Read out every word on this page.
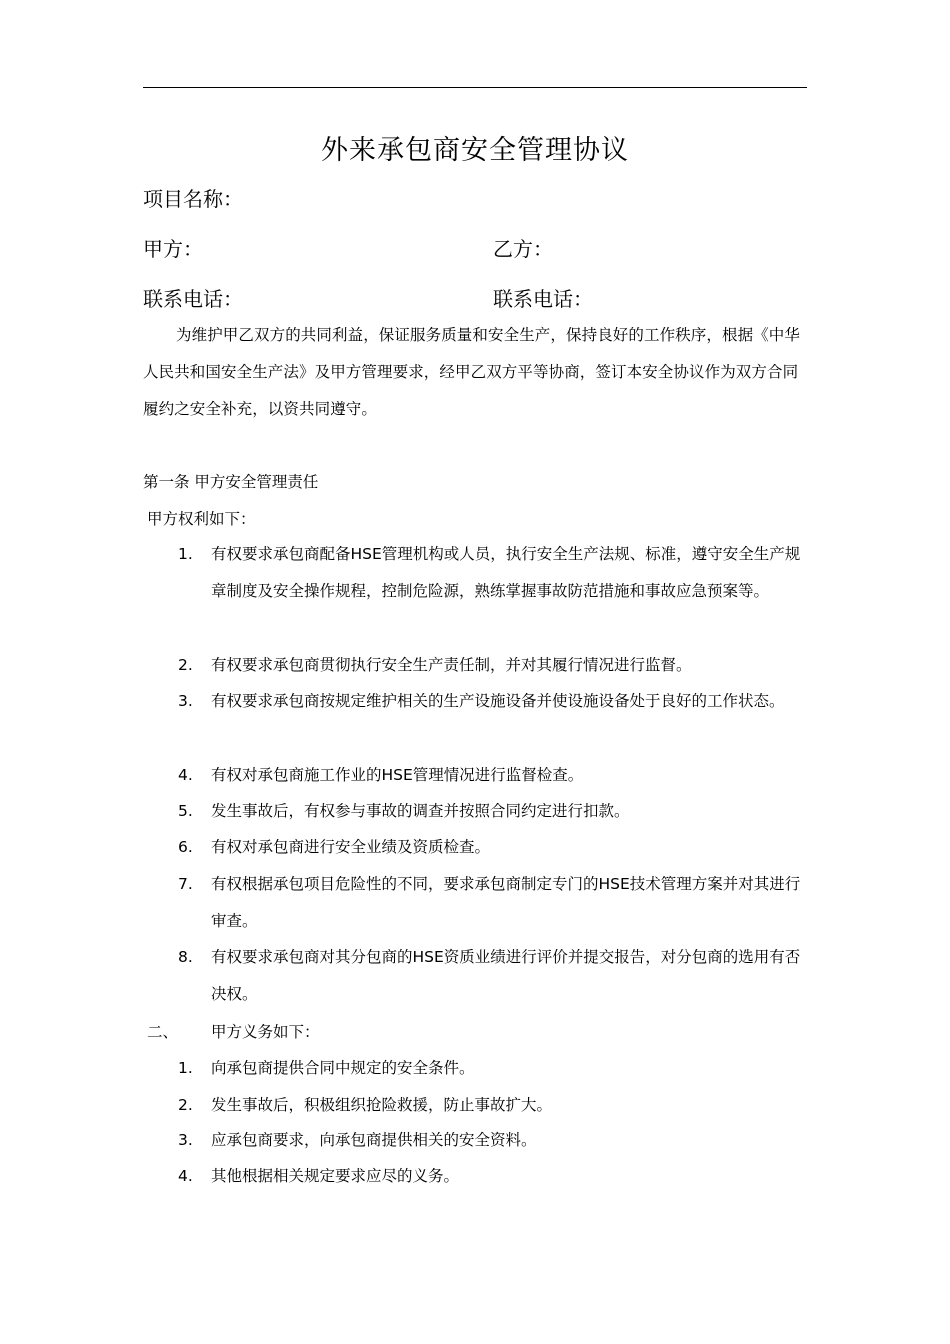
外来承包商安全管理协议
项目名称：
甲方：	乙方：
联系电话：	联系电话：
为维护甲乙双方的共同利益，保证服务质量和安全生产，保持良好的工作秩序，根据《中华人民共和国安全生产法》及甲方管理要求，经甲乙双方平等协商，签订本安全协议作为双方合同履约之安全补充，以资共同遵守。
第一条 甲方安全管理责任
甲方权利如下：
1.	有权要求承包商配备HSE管理机构或人员，执行安全生产法规、标准，遵守安全生产规章制度及安全操作规程，控制危险源，熟练掌握事故防范措施和事故应急预案等。
2.	有权要求承包商贯彻执行安全生产责任制，并对其履行情况进行监督。
3.	有权要求承包商按规定维护相关的生产设施设备并使设施设备处于良好的工作状态。
4.	有权对承包商施工作业的HSE管理情况进行监督检查。
5.	发生事故后，有权参与事故的调查并按照合同约定进行扣款。
6.	有权对承包商进行安全业绩及资质检查。
7.	有权根据承包项目危险性的不同，要求承包商制定专门的HSE技术管理方案并对其进行审查。
8.	有权要求承包商对其分包商的HSE资质业绩进行评价并提交报告，对分包商的选用有否决权。
二、 甲方义务如下：
1.	向承包商提供合同中规定的安全条件。
2.	发生事故后，积极组织抢险救援，防止事故扩大。
3.	应承包商要求，向承包商提供相关的安全资料。
4.	其他根据相关规定要求应尽的义务。
